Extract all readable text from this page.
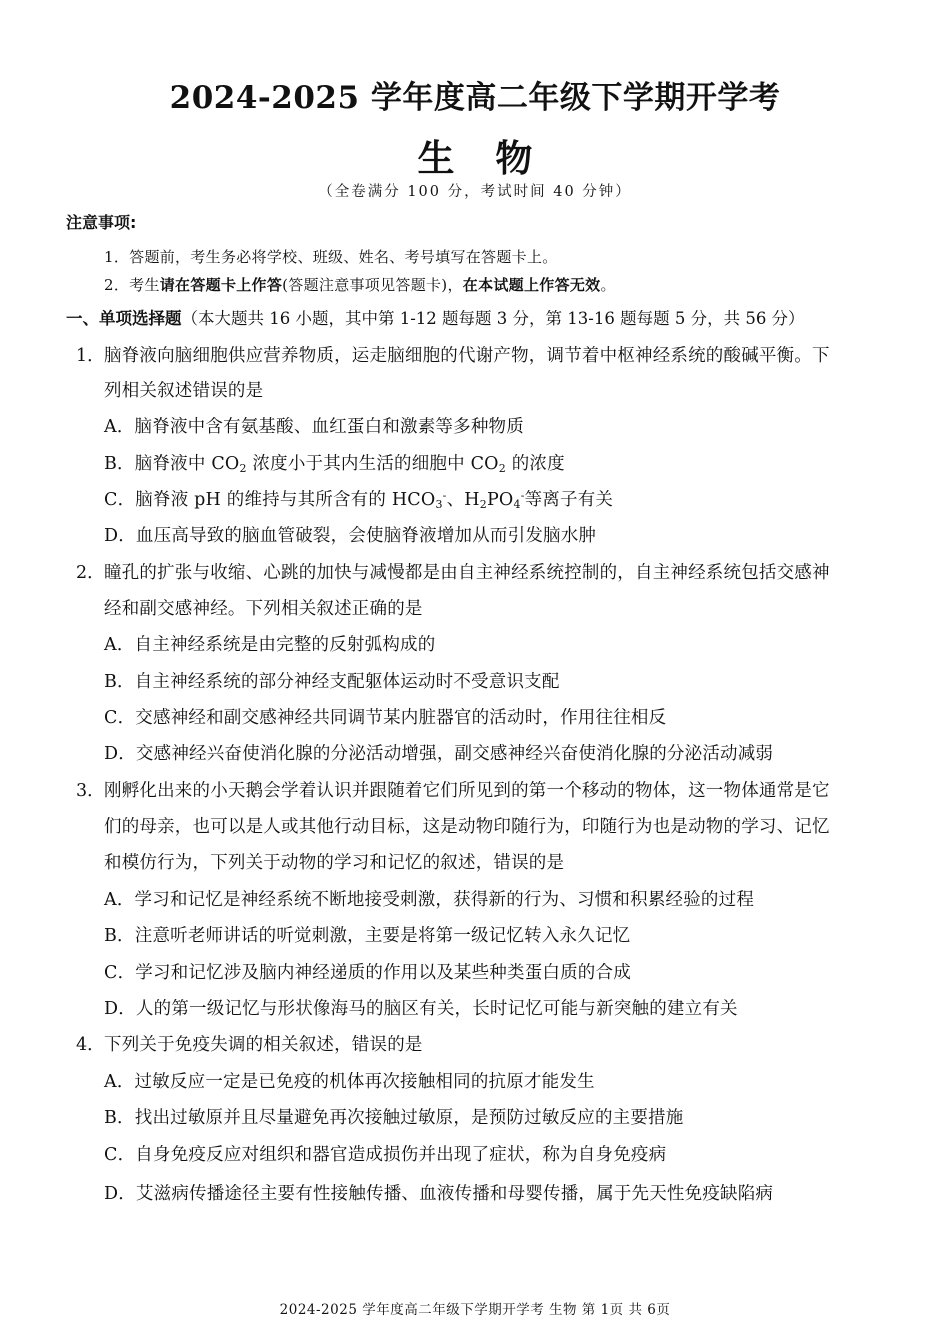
2024-2025 学年度高二年级下学期开学考
生 物
（全卷满分 100 分，考试时间 40 分钟）
注意事项:
1．答题前，考生务必将学校、班级、姓名、考号填写在答题卡上。
2．考生请在答题卡上作答(答题注意事项见答题卡)，在本试题上作答无效。
一、单项选择题（本大题共 16 小题，其中第 1-12 题每题 3 分，第 13-16 题每题 5 分，共 56 分）
1． 脑脊液向脑细胞供应营养物质，运走脑细胞的代谢产物，调节着中枢神经系统的酸碱平衡。下
列相关叙述错误的是
A．脑脊液中含有氨基酸、血红蛋白和激素等多种物质
B．脑脊液中 $CO_2$ 浓度小于其内生活的细胞中 $CO_2$ 的浓度
C．脑脊液 pH 的维持与其所含有的 $HCO_3^-$、$H_2PO_4^-$等离子有关
D．血压高导致的脑血管破裂，会使脑脊液增加从而引发脑水肿
2． 瞳孔的扩张与收缩、心跳的加快与减慢都是由自主神经系统控制的，自主神经系统包括交感神
经和副交感神经。下列相关叙述正确的是
A．自主神经系统是由完整的反射弧构成的
B．自主神经系统的部分神经支配躯体运动时不受意识支配
C．交感神经和副交感神经共同调节某内脏器官的活动时，作用往往相反
D．交感神经兴奋使消化腺的分泌活动增强，副交感神经兴奋使消化腺的分泌活动减弱
3． 刚孵化出来的小天鹅会学着认识并跟随着它们所见到的第一个移动的物体，这一物体通常是它
们的母亲，也可以是人或其他行动目标，这是动物印随行为，印随行为也是动物的学习、记忆
和模仿行为，下列关于动物的学习和记忆的叙述，错误的是
A．学习和记忆是神经系统不断地接受刺激，获得新的行为、习惯和积累经验的过程
B．注意听老师讲话的听觉刺激，主要是将第一级记忆转入永久记忆
C．学习和记忆涉及脑内神经递质的作用以及某些种类蛋白质的合成
D．人的第一级记忆与形状像海马的脑区有关，长时记忆可能与新突触的建立有关
4． 下列关于免疫失调的相关叙述，错误的是
A．过敏反应一定是已免疫的机体再次接触相同的抗原才能发生
B．找出过敏原并且尽量避免再次接触过敏原，是预防过敏反应的主要措施
C．自身免疫反应对组织和器官造成损伤并出现了症状，称为自身免疫病
D．艾滋病传播途径主要有性接触传播、血液传播和母婴传播，属于先天性免疫缺陷病
2024-2025 学年度高二年级下学期开学考 生物 第 1页 共 6页
